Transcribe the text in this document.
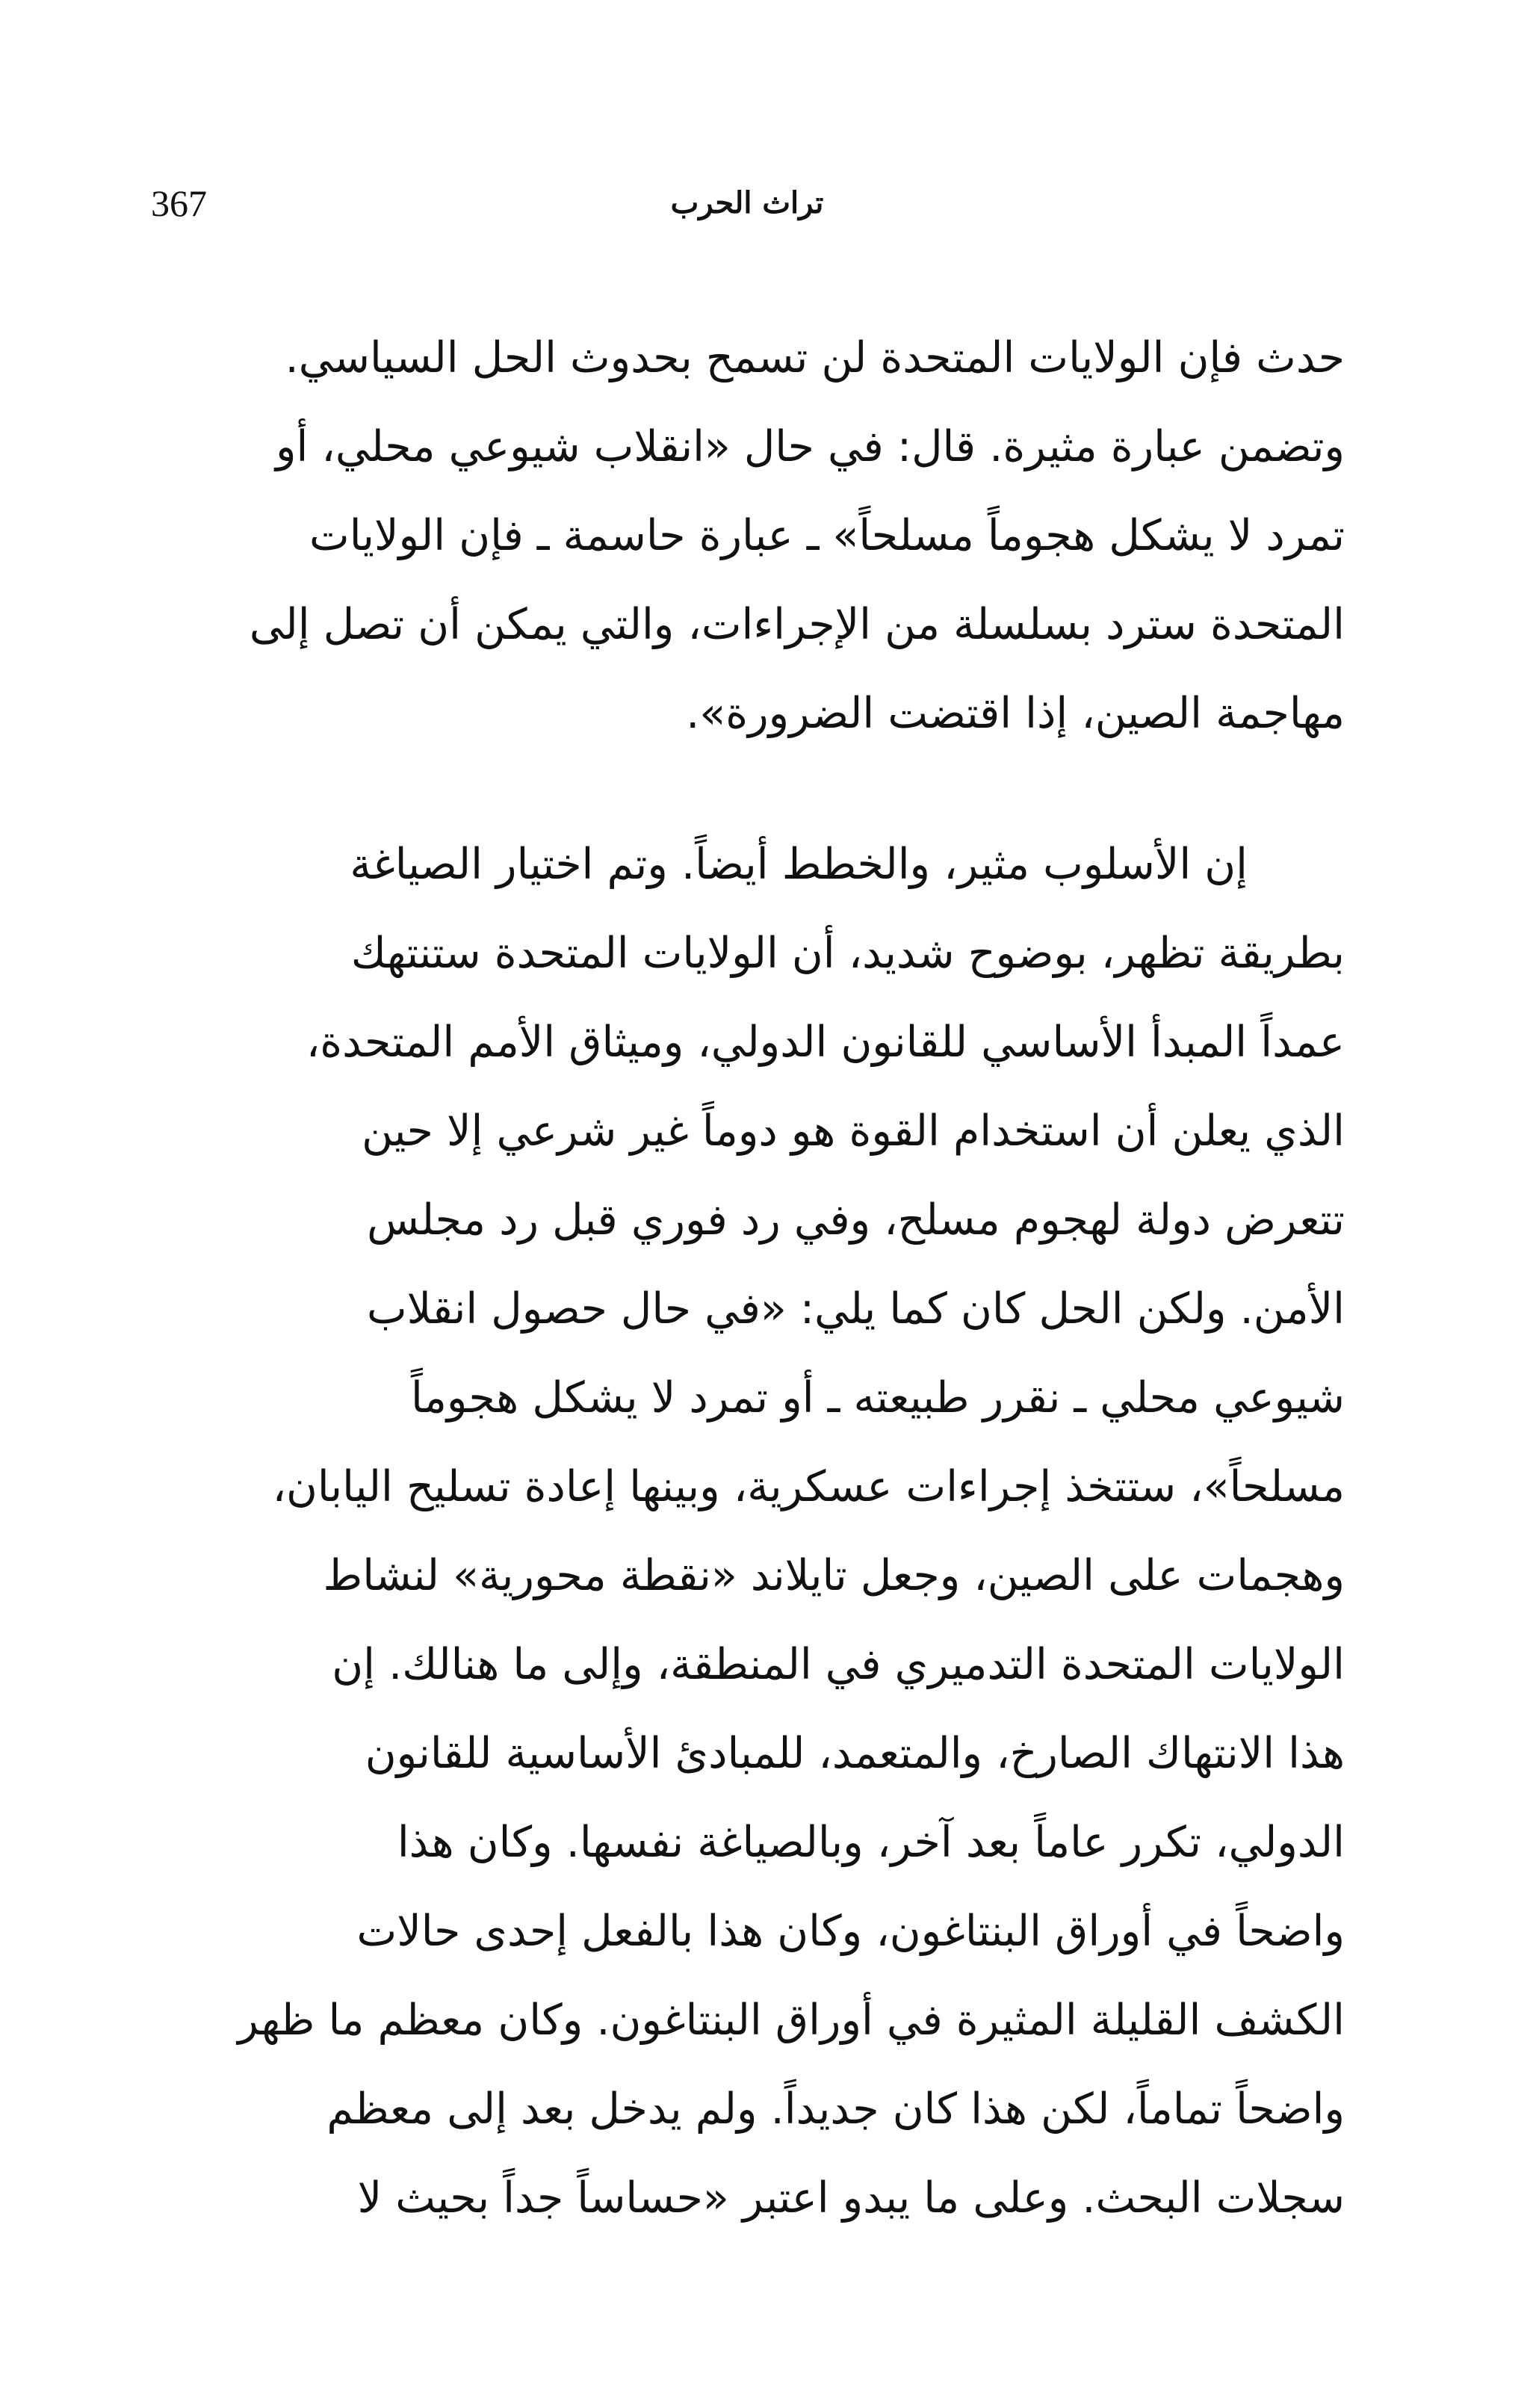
367	تراث الحرب
حدث فإن الولايات المتحدة لن تسمح بحدوث الحل السياسي.
وتضمن عبارة مثيرة. قال: في حال «انقلاب شيوعي محلي، أو
تمرد لا يشكل هجوماً مسلحاً» ـ عبارة حاسمة ـ فإن الولايات
المتحدة سترد بسلسلة من الإجراءات، والتي يمكن أن تصل إلى
مهاجمة الصين، إذا اقتضت الضرورة».
إن الأسلوب مثير، والخطط أيضاً. وتم اختيار الصياغة
بطريقة تظهر، بوضوح شديد، أن الولايات المتحدة ستنتهك
عمداً المبدأ الأساسي للقانون الدولي، وميثاق الأمم المتحدة،
الذي يعلن أن استخدام القوة هو دوماً غير شرعي إلا حين
تتعرض دولة لهجوم مسلح، وفي رد فوري قبل رد مجلس
الأمن. ولكن الحل كان كما يلي: «في حال حصول انقلاب
شيوعي محلي ـ نقرر طبيعته ـ أو تمرد لا يشكل هجوماً
مسلحاً»، ستتخذ إجراءات عسكرية، وبينها إعادة تسليح اليابان،
وهجمات على الصين، وجعل تايلاند «نقطة محورية» لنشاط
الولايات المتحدة التدميري في المنطقة، وإلى ما هنالك. إن
هذا الانتهاك الصارخ، والمتعمد، للمبادئ الأساسية للقانون
الدولي، تكرر عاماً بعد آخر، وبالصياغة نفسها. وكان هذا
واضحاً في أوراق البنتاغون، وكان هذا بالفعل إحدى حالات
الكشف القليلة المثيرة في أوراق البنتاغون. وكان معظم ما ظهر
واضحاً تماماً، لكن هذا كان جديداً. ولم يدخل بعد إلى معظم
سجلات البحث. وعلى ما يبدو اعتبر «حساساً جداً بحيث لا
